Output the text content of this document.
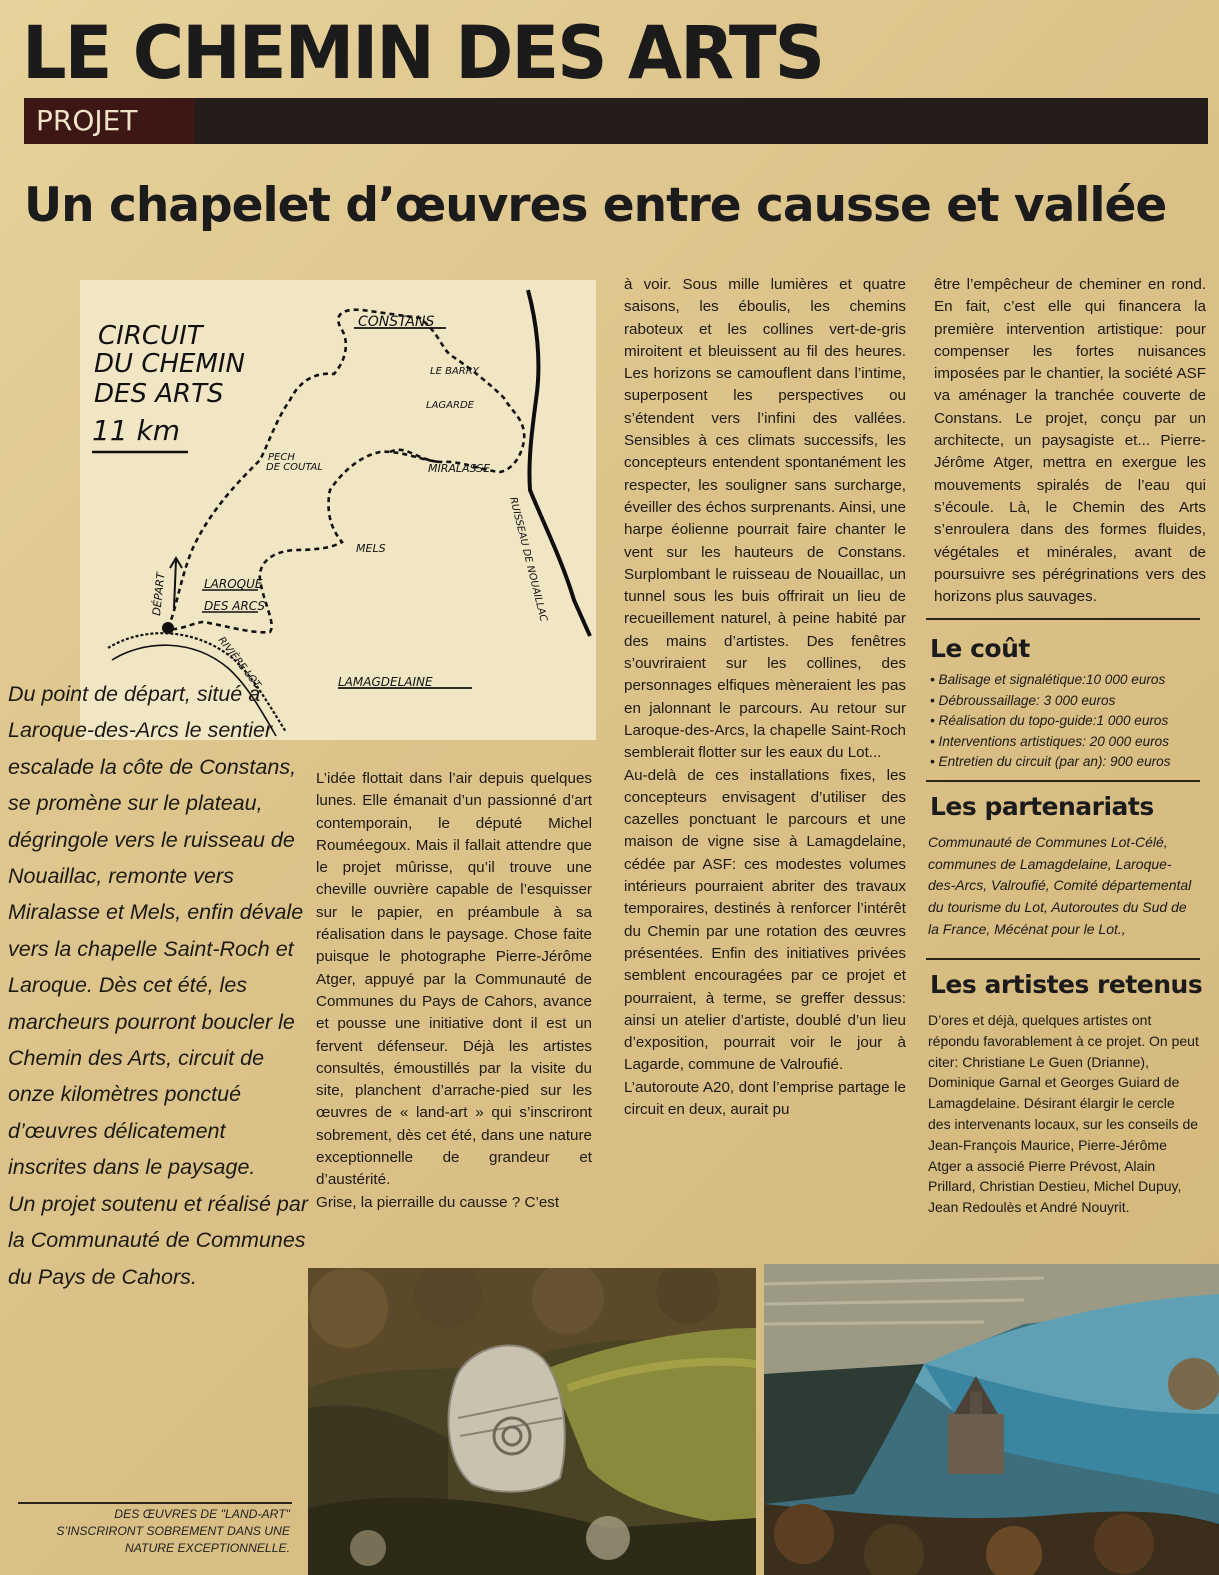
LE CHEMIN DES ARTS
PROJET
Un chapelet d’œuvres entre causse et vallée
CIRCUIT
DU CHEMIN
DES ARTS
11 km
CONSTANS
LE BARRY
LAGARDE
PECH
DE COUTAL	MIRALASSE
MELS
DÉPART	LAROQUE
DES ARCS
RIVIÈRE LOT
RUISSEAU DE NOUAILLAC
LAMAGDELAINE

Du point de départ, situé à Laroque-des-Arcs le sentier escalade la côte de Constans, se promène sur le plateau, dégringole vers le ruisseau de Nouaillac, remonte vers Miralasse et Mels, enfin dévale vers la chapelle Saint-Roch et Laroque. Dès cet été, les marcheurs pourront boucler le Chemin des Arts, circuit de onze kilomètres ponctué d’œuvres délicatement inscrites dans le paysage.

Un projet soutenu et réalisé par la Communauté de Communes du Pays de Cahors.

L’idée flottait dans l’air depuis quelques lunes. Elle émanait d’un passionné d’art contemporain, le député Michel Rouméegoux. Mais il fallait attendre que le projet mûrisse, qu’il trouve une cheville ouvrière capable de l’esquisser sur le papier, en préambule à sa réalisation dans le paysage. Chose faite puisque le photographe Pierre-Jérôme Atger, appuyé par la Communauté de Communes du Pays de Cahors, avance et pousse une initiative dont il est un fervent défenseur. Déjà les artistes consultés, émoustillés par la visite du site, planchent d’arrache-pied sur les œuvres de « land-art » qui s’inscriront sobrement, dès cet été, dans une nature exceptionnelle de grandeur et d’austérité.

Grise, la pierraille du causse ? C’est

à voir. Sous mille lumières et quatre saisons, les éboulis, les chemins raboteux et les collines vert-de-gris miroitent et bleuissent au fil des heures. Les horizons se camouflent dans l’intime, superposent les perspectives ou s’étendent vers l’infini des vallées. Sensibles à ces climats successifs, les concepteurs entendent spontanément les respecter, les souligner sans surcharge, éveiller des échos surprenants. Ainsi, une harpe éolienne pourrait faire chanter le vent sur les hauteurs de Constans. Surplombant le ruisseau de Nouaillac, un tunnel sous les buis offrirait un lieu de recueillement naturel, à peine habité par des mains d’artistes. Des fenêtres s’ouvriraient sur les collines, des personnages elfiques mèneraient les pas en jalonnant le parcours. Au retour sur Laroque-des-Arcs, la chapelle Saint-Roch semblerait flotter sur les eaux du Lot...

Au-delà de ces installations fixes, les concepteurs envisagent d’utiliser des cazelles ponctuant le parcours et une maison de vigne sise à Lamagdelaine, cédée par ASF: ces modestes volumes intérieurs pourraient abriter des travaux temporaires, destinés à renforcer l’intérêt du Chemin par une rotation des œuvres présentées. Enfin des initiatives privées semblent encouragées par ce projet et pourraient, à terme, se greffer dessus: ainsi un atelier d’artiste, doublé d’un lieu d’exposition, pourrait voir le jour à Lagarde, commune de Valroufié.

L’autoroute A20, dont l’emprise partage le circuit en deux, aurait pu

être l’empêcheur de cheminer en rond. En fait, c’est elle qui financera la première intervention artistique: pour compenser les fortes nuisances imposées par le chantier, la société ASF va aménager la tranchée couverte de Constans. Le projet, conçu par un architecte, un paysagiste et... Pierre-Jérôme Atger, mettra en exergue les mouvements spiralés de l’eau qui s’écoule. Là, le Chemin des Arts s’enroulera dans des formes fluides, végétales et minérales, avant de poursuivre ses pérégrinations vers des horizons plus sauvages.

Le coût
• Balisage et signalétique:10 000 euros
• Débroussaillage: 3 000 euros
• Réalisation du topo-guide:1 000 euros
• Interventions artistiques: 20 000 euros
• Entretien du circuit (par an): 900 euros
Les partenariats

Communauté de Communes Lot-Célé, communes de Lamagdelaine, Laroque-des-Arcs, Valroufié, Comité départemental du tourisme du Lot, Autoroutes du Sud de la France, Mécénat pour le Lot.,

Les artistes retenus

D’ores et déjà, quelques artistes ont répondu favorablement à ce projet. On peut citer: Christiane Le Guen (Drianne), Dominique Garnal et Georges Guiard de Lamagdelaine. Désirant élargir le cercle des intervenants locaux, sur les conseils de Jean-François Maurice, Pierre-Jérôme Atger a associé Pierre Prévost, Alain Prillard, Christian Destieu, Michel Dupuy, Jean Redoulès et André Nouyrit.

DES ŒUVRES DE "LAND-ART"
S’INSCRIRONT SOBREMENT DANS UNE
NATURE EXCEPTIONNELLE.
